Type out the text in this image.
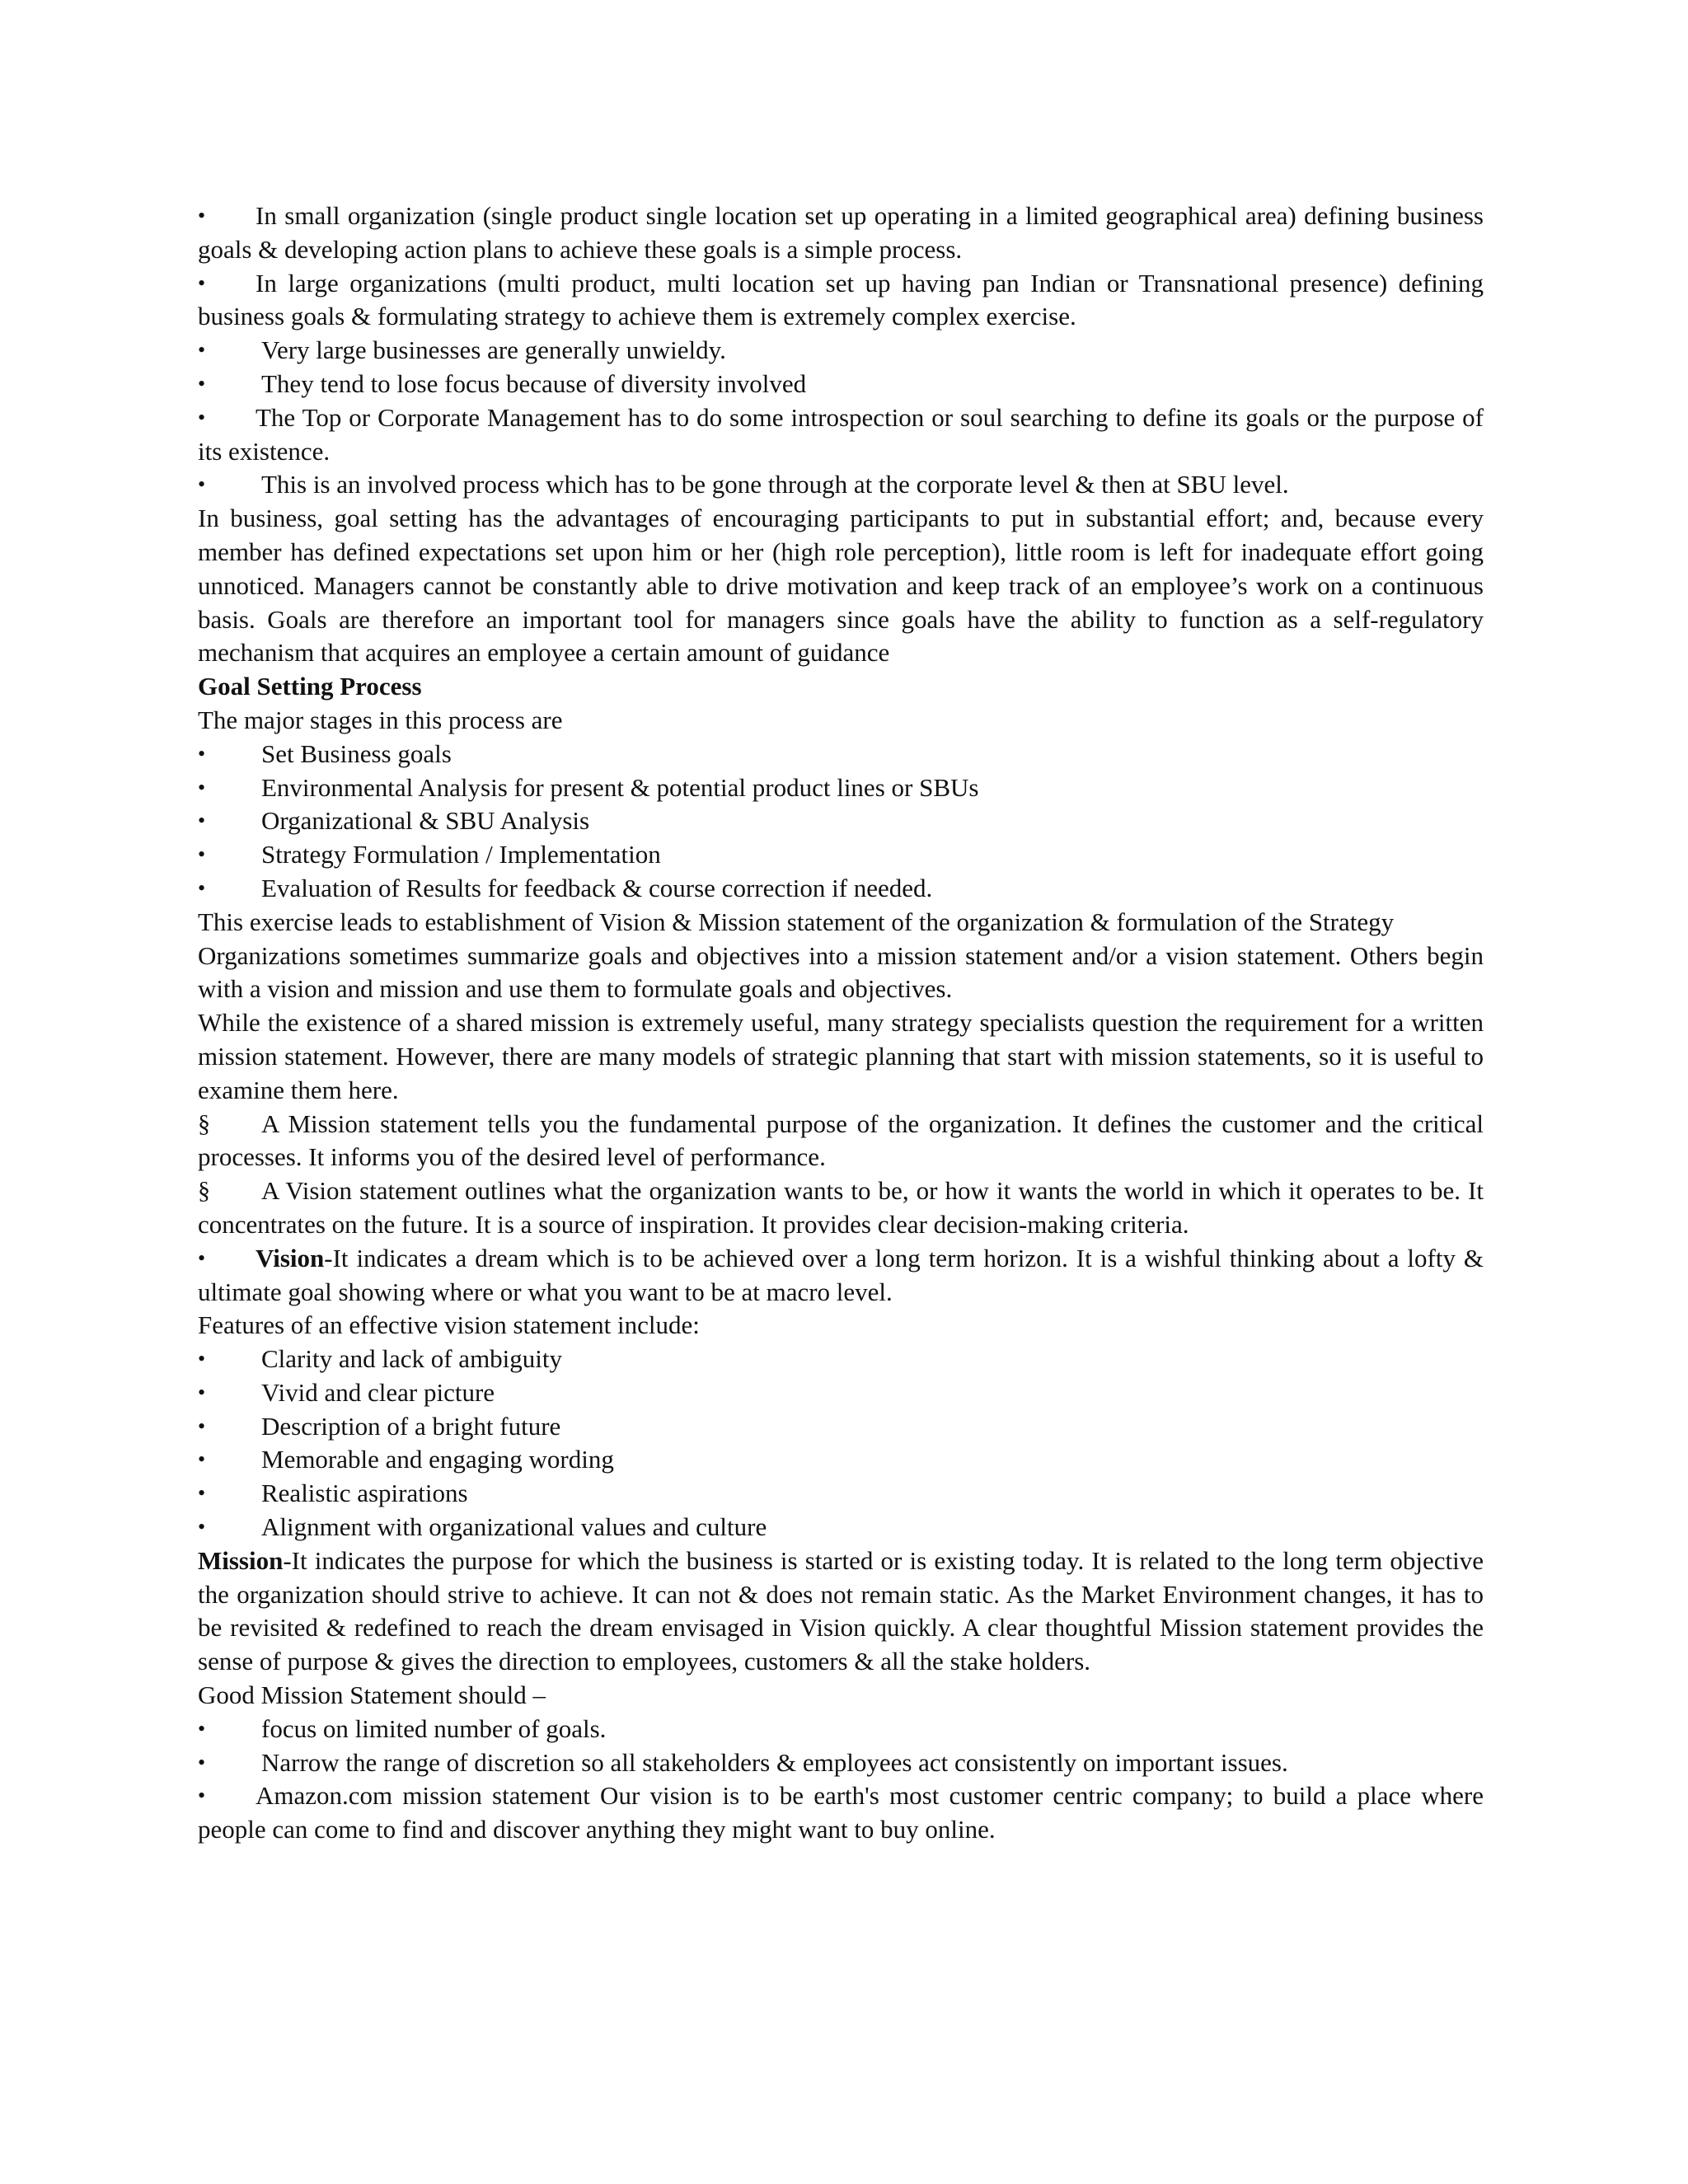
•	In small organization (single product single location set up operating in a limited geographical area) defining business goals & developing action plans to achieve these goals is a simple process.

•	In large organizations (multi product, multi location set up having pan Indian or Transnational presence) defining business goals & formulating strategy to achieve them is extremely complex exercise.

•	Very large businesses are generally unwieldy.

•	They tend to lose focus because of diversity involved

•	The Top or Corporate Management has to do some introspection or soul searching to define its goals or the purpose of its existence.

•	This is an involved process which has to be gone through at the corporate level & then at SBU level.

In business, goal setting has the advantages of encouraging participants to put in substantial effort; and, because every member has defined expectations set upon him or her (high role perception), little room is left for inadequate effort going unnoticed. Managers cannot be constantly able to drive motivation and keep track of an employee’s work on a continuous basis. Goals are therefore an important tool for managers since goals have the ability to function as a self-regulatory mechanism that acquires an employee a certain amount of guidance

Goal Setting Process

The major stages in this process are

•	Set Business goals

•	Environmental Analysis for present & potential product lines or SBUs

•	Organizational & SBU Analysis

•	Strategy Formulation / Implementation

•	Evaluation of Results for feedback & course correction if needed.

This exercise leads to establishment of Vision & Mission statement of the organization & formulation of the Strategy

Organizations sometimes summarize goals and objectives into a mission statement and/or a vision statement. Others begin with a vision and mission and use them to formulate goals and objectives.

While the existence of a shared mission is extremely useful, many strategy specialists question the requirement for a written mission statement. However, there are many models of strategic planning that start with mission statements, so it is useful to examine them here.

§	A Mission statement tells you the fundamental purpose of the organization. It defines the customer and the critical processes. It informs you of the desired level of performance.

§	A Vision statement outlines what the organization wants to be, or how it wants the world in which it operates to be. It concentrates on the future. It is a source of inspiration. It provides clear decision-making criteria.

•	Vision-It indicates a dream which is to be achieved over a long term horizon. It is a wishful thinking about a lofty & ultimate goal showing where or what you want to be at macro level.

Features of an effective vision statement include:

•	Clarity and lack of ambiguity

•	Vivid and clear picture

•	Description of a bright future

•	Memorable and engaging wording

•	Realistic aspirations

•	Alignment with organizational values and culture

Mission-It indicates the purpose for which the business is started or is existing today. It is related to the long term objective the organization should strive to achieve. It can not & does not remain static. As the Market Environment changes, it has to be revisited & redefined to reach the dream envisaged in Vision quickly. A clear thoughtful Mission statement provides the sense of purpose & gives the direction to employees, customers & all the stake holders.

Good Mission Statement should –

•	focus on limited number of goals.

•	Narrow the range of discretion so all stakeholders & employees act consistently on important issues.

•	Amazon.com mission statement Our vision is to be earth's most customer centric company; to build a place where people can come to find and discover anything they might want to buy online.
